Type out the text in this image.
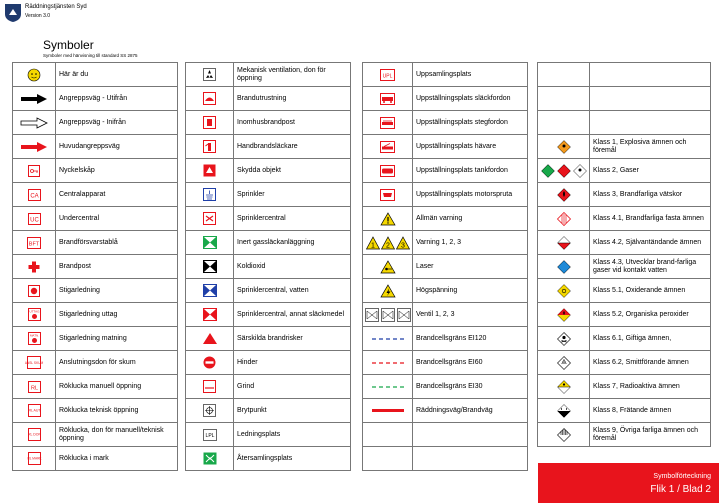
Räddningstjänsten Syd
Version 3.0
Symboler
Symboler med hänvisning till standard SS 2875
	Här är du

	Angreppsväg - Utifrån

	Angreppsväg - Inifrån

	Huvudangreppsväg

	Nyckelskåp

CA	Centralapparat

UC	Undercentral

BFT	Brandförsvarstablå

	Brandpost

	Stigarledning

UTTAG	Stigarledning uttag

MATN.	Stigarledning matning

ANSL SKUM	Anslutningsdon för skum

RL	Röklucka manuell öppning

RL AUT	Röklucka teknisk öppning

RL DON	Röklucka, don för manuell/teknisk öppning

RL MARK	Röklucka i mark
	Mekanisk ventilation, don för öppning

	Brandutrustning

	Inomhusbrandpost

	Handbrandsläckare

	Skydda objekt

	Sprinkler

	Sprinklercentral

	Inert gassläckanläggning

	Koldioxid

	Sprinklercentral, vatten

	Sprinklercentral, annat släckmedel

	Särskilda brandrisker

	Hinder

	Grind

	Brytpunkt

LPL	Ledningsplats

	Återsamlingsplats
UPL	Uppsamlingsplats

	Uppställningsplats släckfordon

	Uppställningsplats stegfordon

	Uppställningsplats hävare

	Uppställningsplats tankfordon

	Uppställningsplats motorspruta

	Allmän varning

1 2 3	Varning 1, 2, 3

	Laser

	Högspänning

	Ventil 1, 2, 3

	Brandcellsgräns EI120

	Brandcellsgräns EI60

	Brandcellsgräns EI30

	Räddningsväg/Brandväg

	Klass 1, Explosiva ämnen och föremål

	Klass 2, Gaser

	Klass 3, Brandfarliga vätskor

	Klass 4.1, Brandfarliga fasta ämnen

	Klass 4.2, Självantändande ämnen

	Klass 4.3, Utvecklar brand-farliga gaser vid kontakt vatten

	Klass 5.1, Oxiderande ämnen

	Klass 5.2, Organiska peroxider

	Klass 6.1, Giftiga ämnen,

	Klass 6.2, Smittförande ämnen

	Klass 7, Radioaktiva ämnen

	Klass 8, Frätande ämnen

	Klass 9, Övriga farliga ämnen och föremål
Symbolförteckning
Flik 1 / Blad 2
